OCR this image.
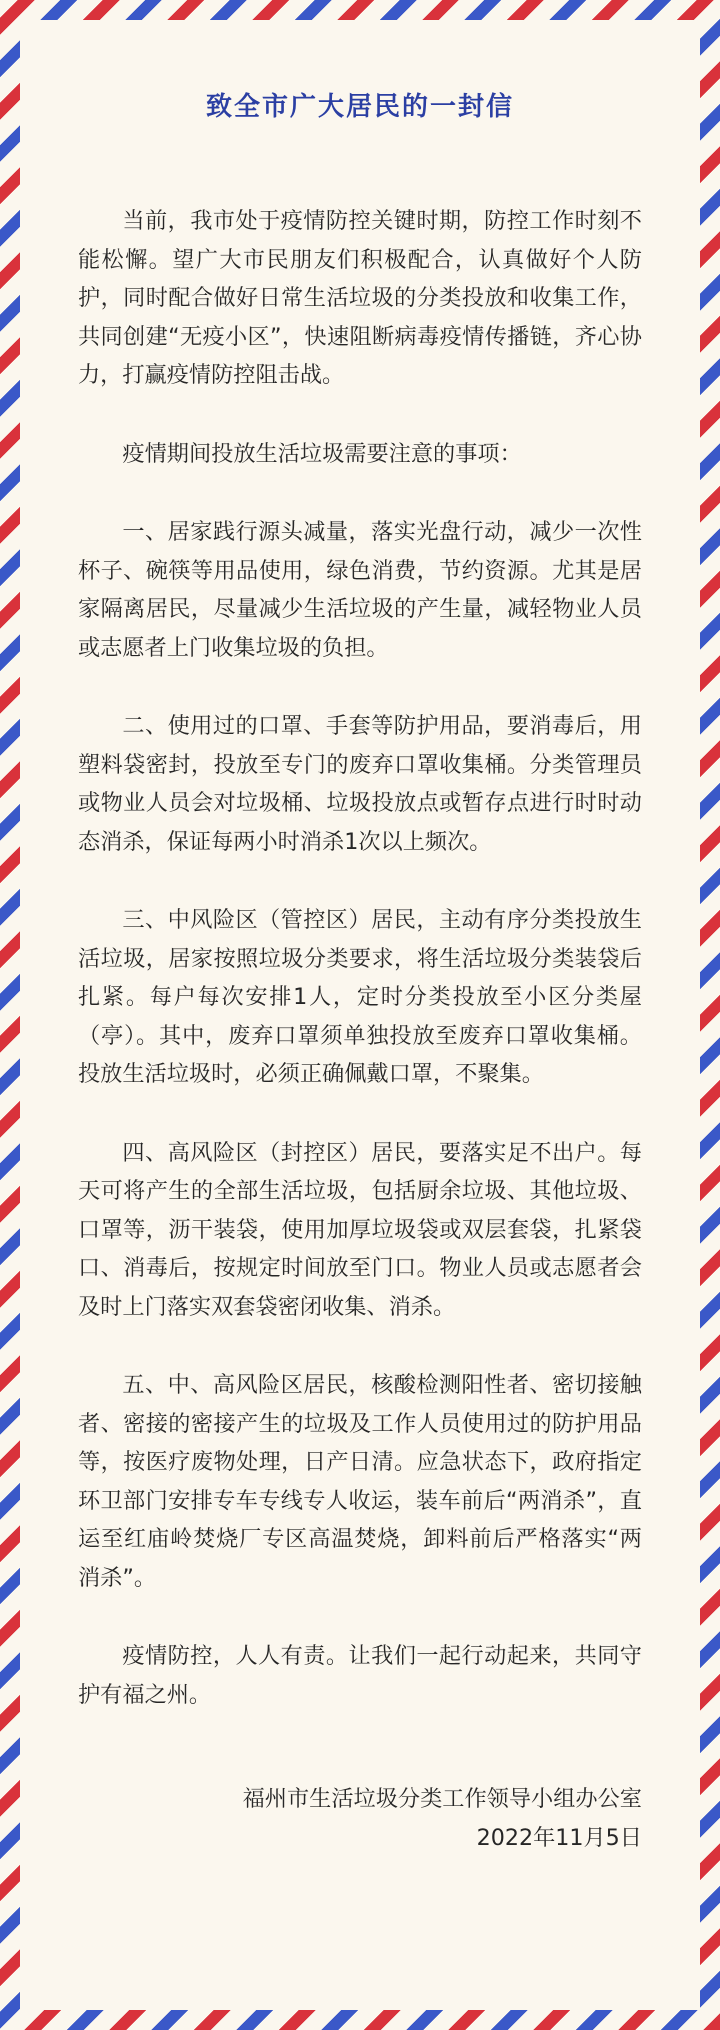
致全市广大居民的一封信

当前，我市处于疫情防控关键时期，防控工作时刻不能松懈。望广大市民朋友们积极配合，认真做好个人防护，同时配合做好日常生活垃圾的分类投放和收集工作，共同创建“无疫小区”，快速阻断病毒疫情传播链，齐心协力，打赢疫情防控阻击战。

疫情期间投放生活垃圾需要注意的事项：

一、居家践行源头减量，落实光盘行动，减少一次性杯子、碗筷等用品使用，绿色消费，节约资源。尤其是居家隔离居民，尽量减少生活垃圾的产生量，减轻物业人员或志愿者上门收集垃圾的负担。

二、使用过的口罩、手套等防护用品，要消毒后，用塑料袋密封，投放至专门的废弃口罩收集桶。分类管理员或物业人员会对垃圾桶、垃圾投放点或暂存点进行时时动态消杀，保证每两小时消杀1次以上频次。

三、中风险区（管控区）居民，主动有序分类投放生活垃圾，居家按照垃圾分类要求，将生活垃圾分类装袋后扎紧。每户每次安排1人，定时分类投放至小区分类屋（亭）。其中，废弃口罩须单独投放至废弃口罩收集桶。投放生活垃圾时，必须正确佩戴口罩，不聚集。

四、高风险区（封控区）居民，要落实足不出户。每天可将产生的全部生活垃圾，包括厨余垃圾、其他垃圾、口罩等，沥干装袋，使用加厚垃圾袋或双层套袋，扎紧袋口、消毒后，按规定时间放至门口。物业人员或志愿者会及时上门落实双套袋密闭收集、消杀。

五、中、高风险区居民，核酸检测阳性者、密切接触者、密接的密接产生的垃圾及工作人员使用过的防护用品等，按医疗废物处理，日产日清。应急状态下，政府指定环卫部门安排专车专线专人收运，装车前后“两消杀”，直运至红庙岭焚烧厂专区高温焚烧，卸料前后严格落实“两消杀”。

疫情防控，人人有责。让我们一起行动起来，共同守护有福之州。

福州市生活垃圾分类工作领导小组办公室
2022年11月5日
